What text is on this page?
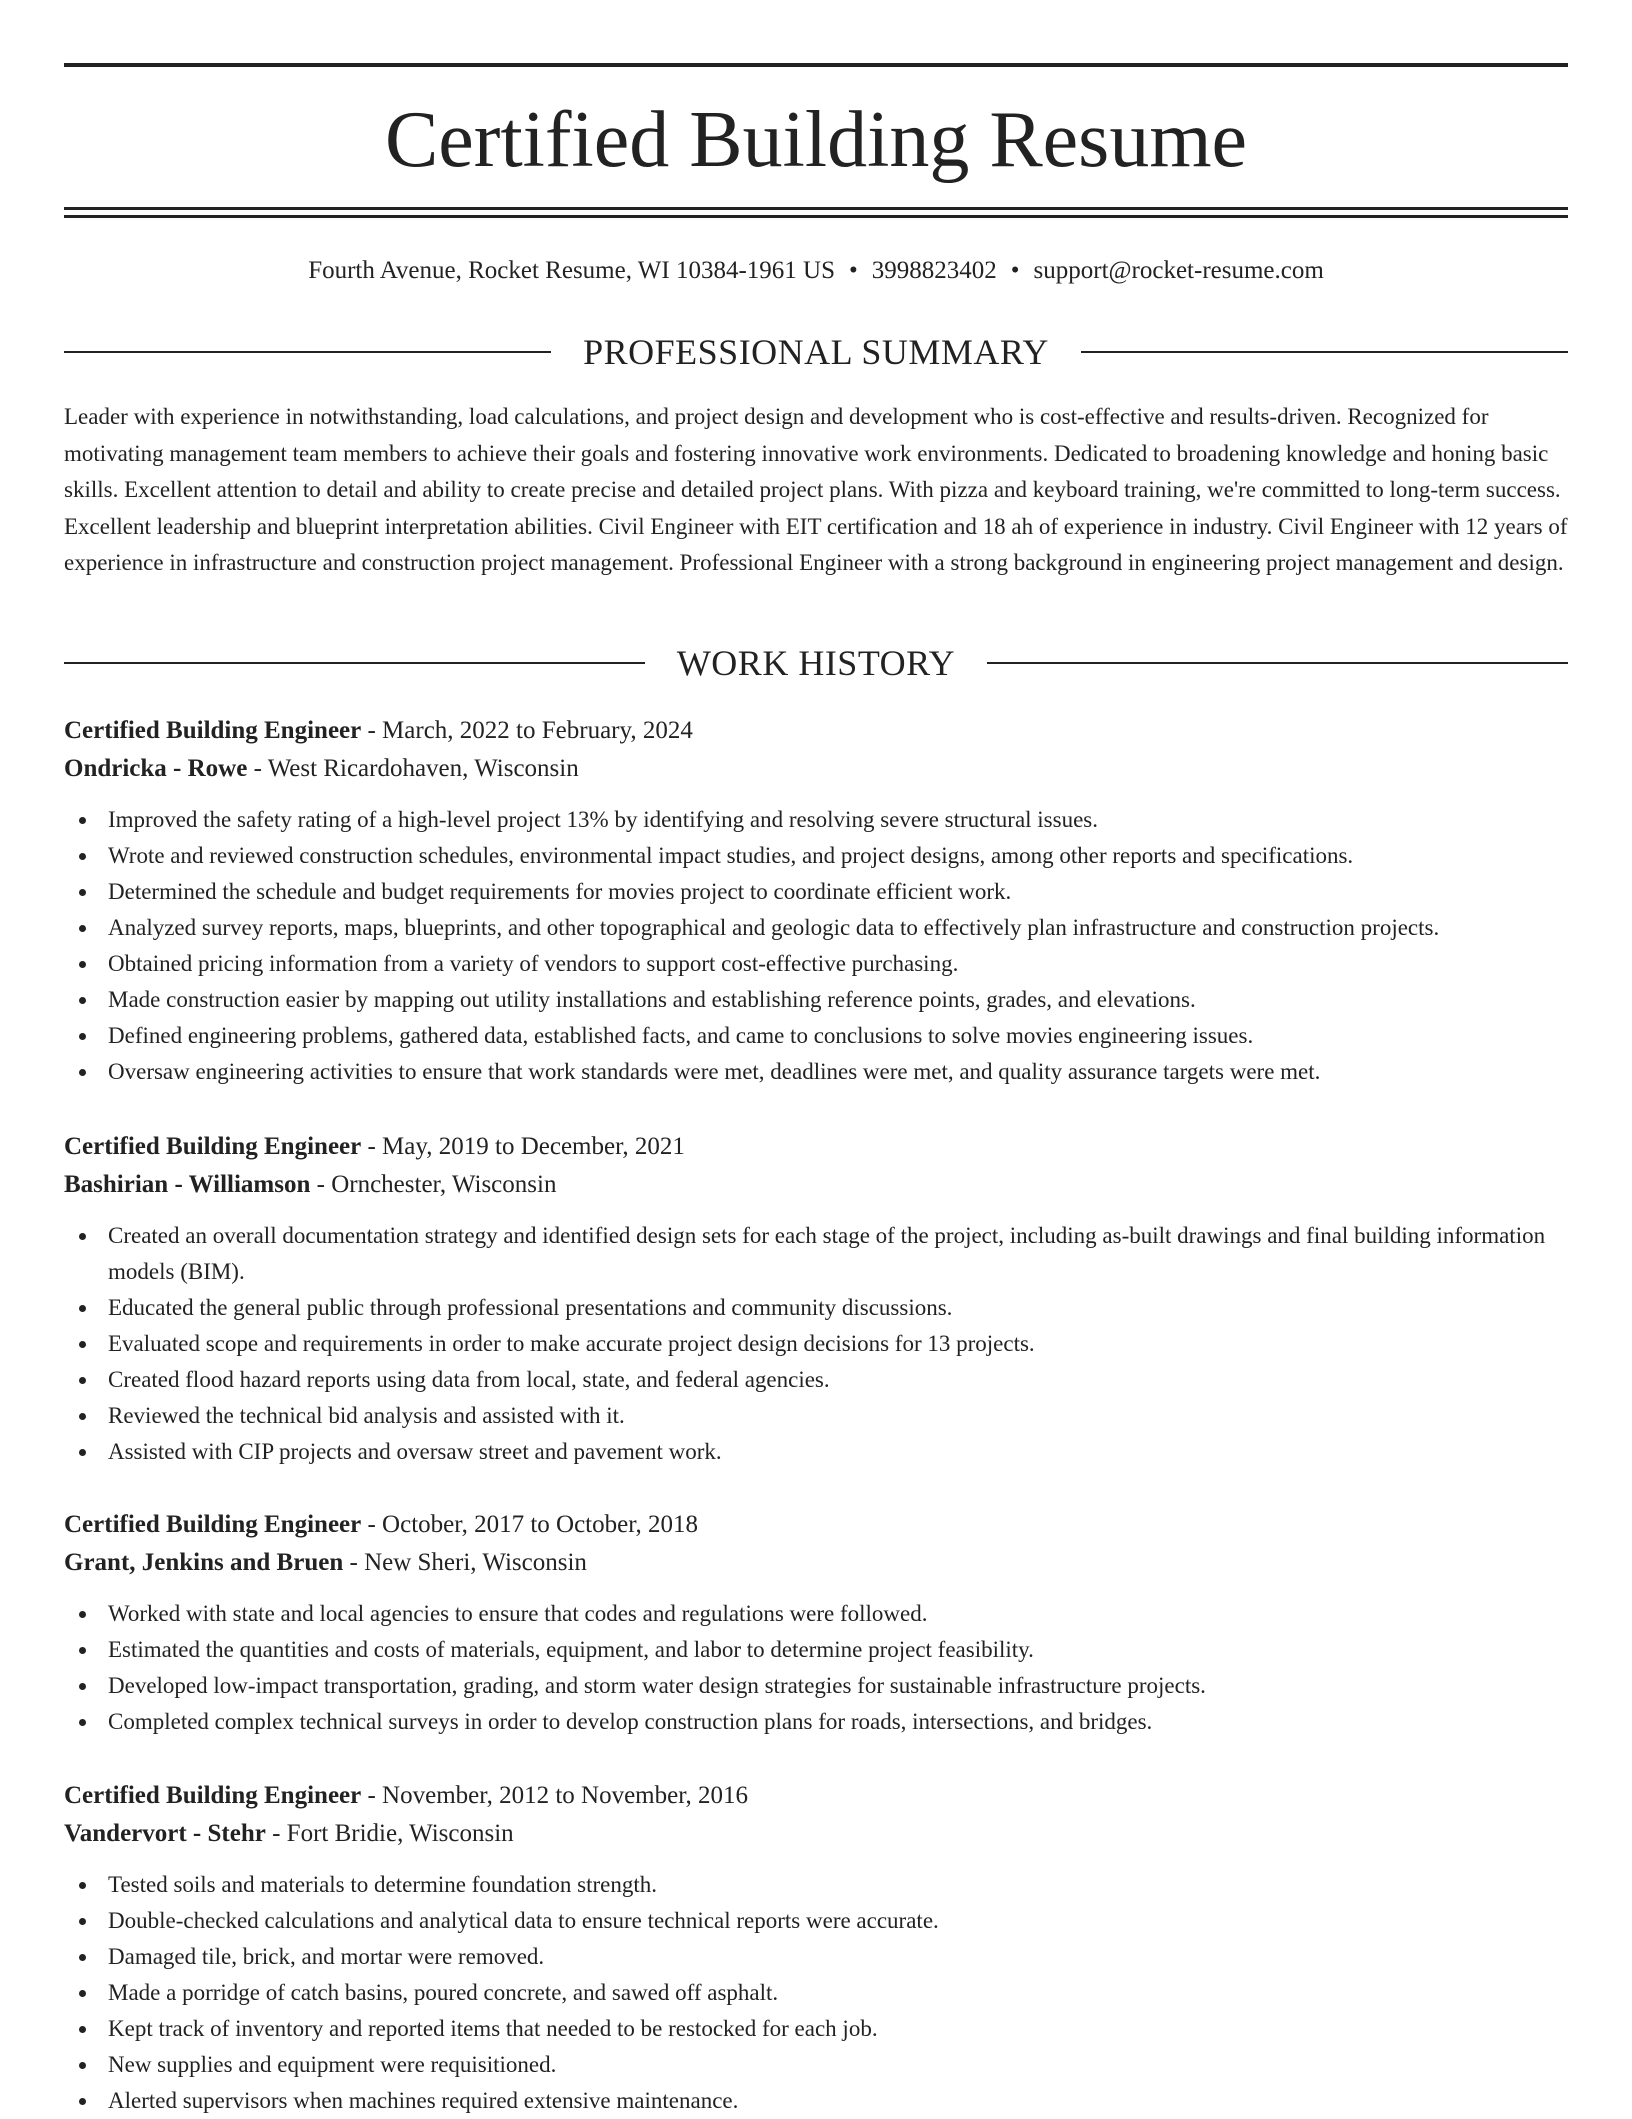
Certified Building Resume
Fourth Avenue, Rocket Resume, WI 10384-1961 US • 3998823402 • support@rocket-resume.com
PROFESSIONAL SUMMARY

Leader with experience in notwithstanding, load calculations, and project design and development who is cost-effective and results-driven. Recognized for motivating management team members to achieve their goals and fostering innovative work environments. Dedicated to broadening knowledge and honing basic skills. Excellent attention to detail and ability to create precise and detailed project plans. With pizza and keyboard training, we're committed to long-term success. Excellent leadership and blueprint interpretation abilities. Civil Engineer with EIT certification and 18 ah of experience in industry. Civil Engineer with 12 years of experience in infrastructure and construction project management. Professional Engineer with a strong background in engineering project management and design.

WORK HISTORY
Certified Building Engineer - March, 2022 to February, 2024
Ondricka - Rowe - West Ricardohaven, Wisconsin
Improved the safety rating of a high-level project 13% by identifying and resolving severe structural issues.
Wrote and reviewed construction schedules, environmental impact studies, and project designs, among other reports and specifications.
Determined the schedule and budget requirements for movies project to coordinate efficient work.
Analyzed survey reports, maps, blueprints, and other topographical and geologic data to effectively plan infrastructure and construction projects.
Obtained pricing information from a variety of vendors to support cost-effective purchasing.
Made construction easier by mapping out utility installations and establishing reference points, grades, and elevations.
Defined engineering problems, gathered data, established facts, and came to conclusions to solve movies engineering issues.
Oversaw engineering activities to ensure that work standards were met, deadlines were met, and quality assurance targets were met.
Certified Building Engineer - May, 2019 to December, 2021
Bashirian - Williamson - Ornchester, Wisconsin
Created an overall documentation strategy and identified design sets for each stage of the project, including as-built drawings and final building information models (BIM).
Educated the general public through professional presentations and community discussions.
Evaluated scope and requirements in order to make accurate project design decisions for 13 projects.
Created flood hazard reports using data from local, state, and federal agencies.
Reviewed the technical bid analysis and assisted with it.
Assisted with CIP projects and oversaw street and pavement work.
Certified Building Engineer - October, 2017 to October, 2018
Grant, Jenkins and Bruen - New Sheri, Wisconsin
Worked with state and local agencies to ensure that codes and regulations were followed.
Estimated the quantities and costs of materials, equipment, and labor to determine project feasibility.
Developed low-impact transportation, grading, and storm water design strategies for sustainable infrastructure projects.
Completed complex technical surveys in order to develop construction plans for roads, intersections, and bridges.
Certified Building Engineer - November, 2012 to November, 2016
Vandervort - Stehr - Fort Bridie, Wisconsin
Tested soils and materials to determine foundation strength.
Double-checked calculations and analytical data to ensure technical reports were accurate.
Damaged tile, brick, and mortar were removed.
Made a porridge of catch basins, poured concrete, and sawed off asphalt.
Kept track of inventory and reported items that needed to be restocked for each job.
New supplies and equipment were requisitioned.
Alerted supervisors when machines required extensive maintenance.
